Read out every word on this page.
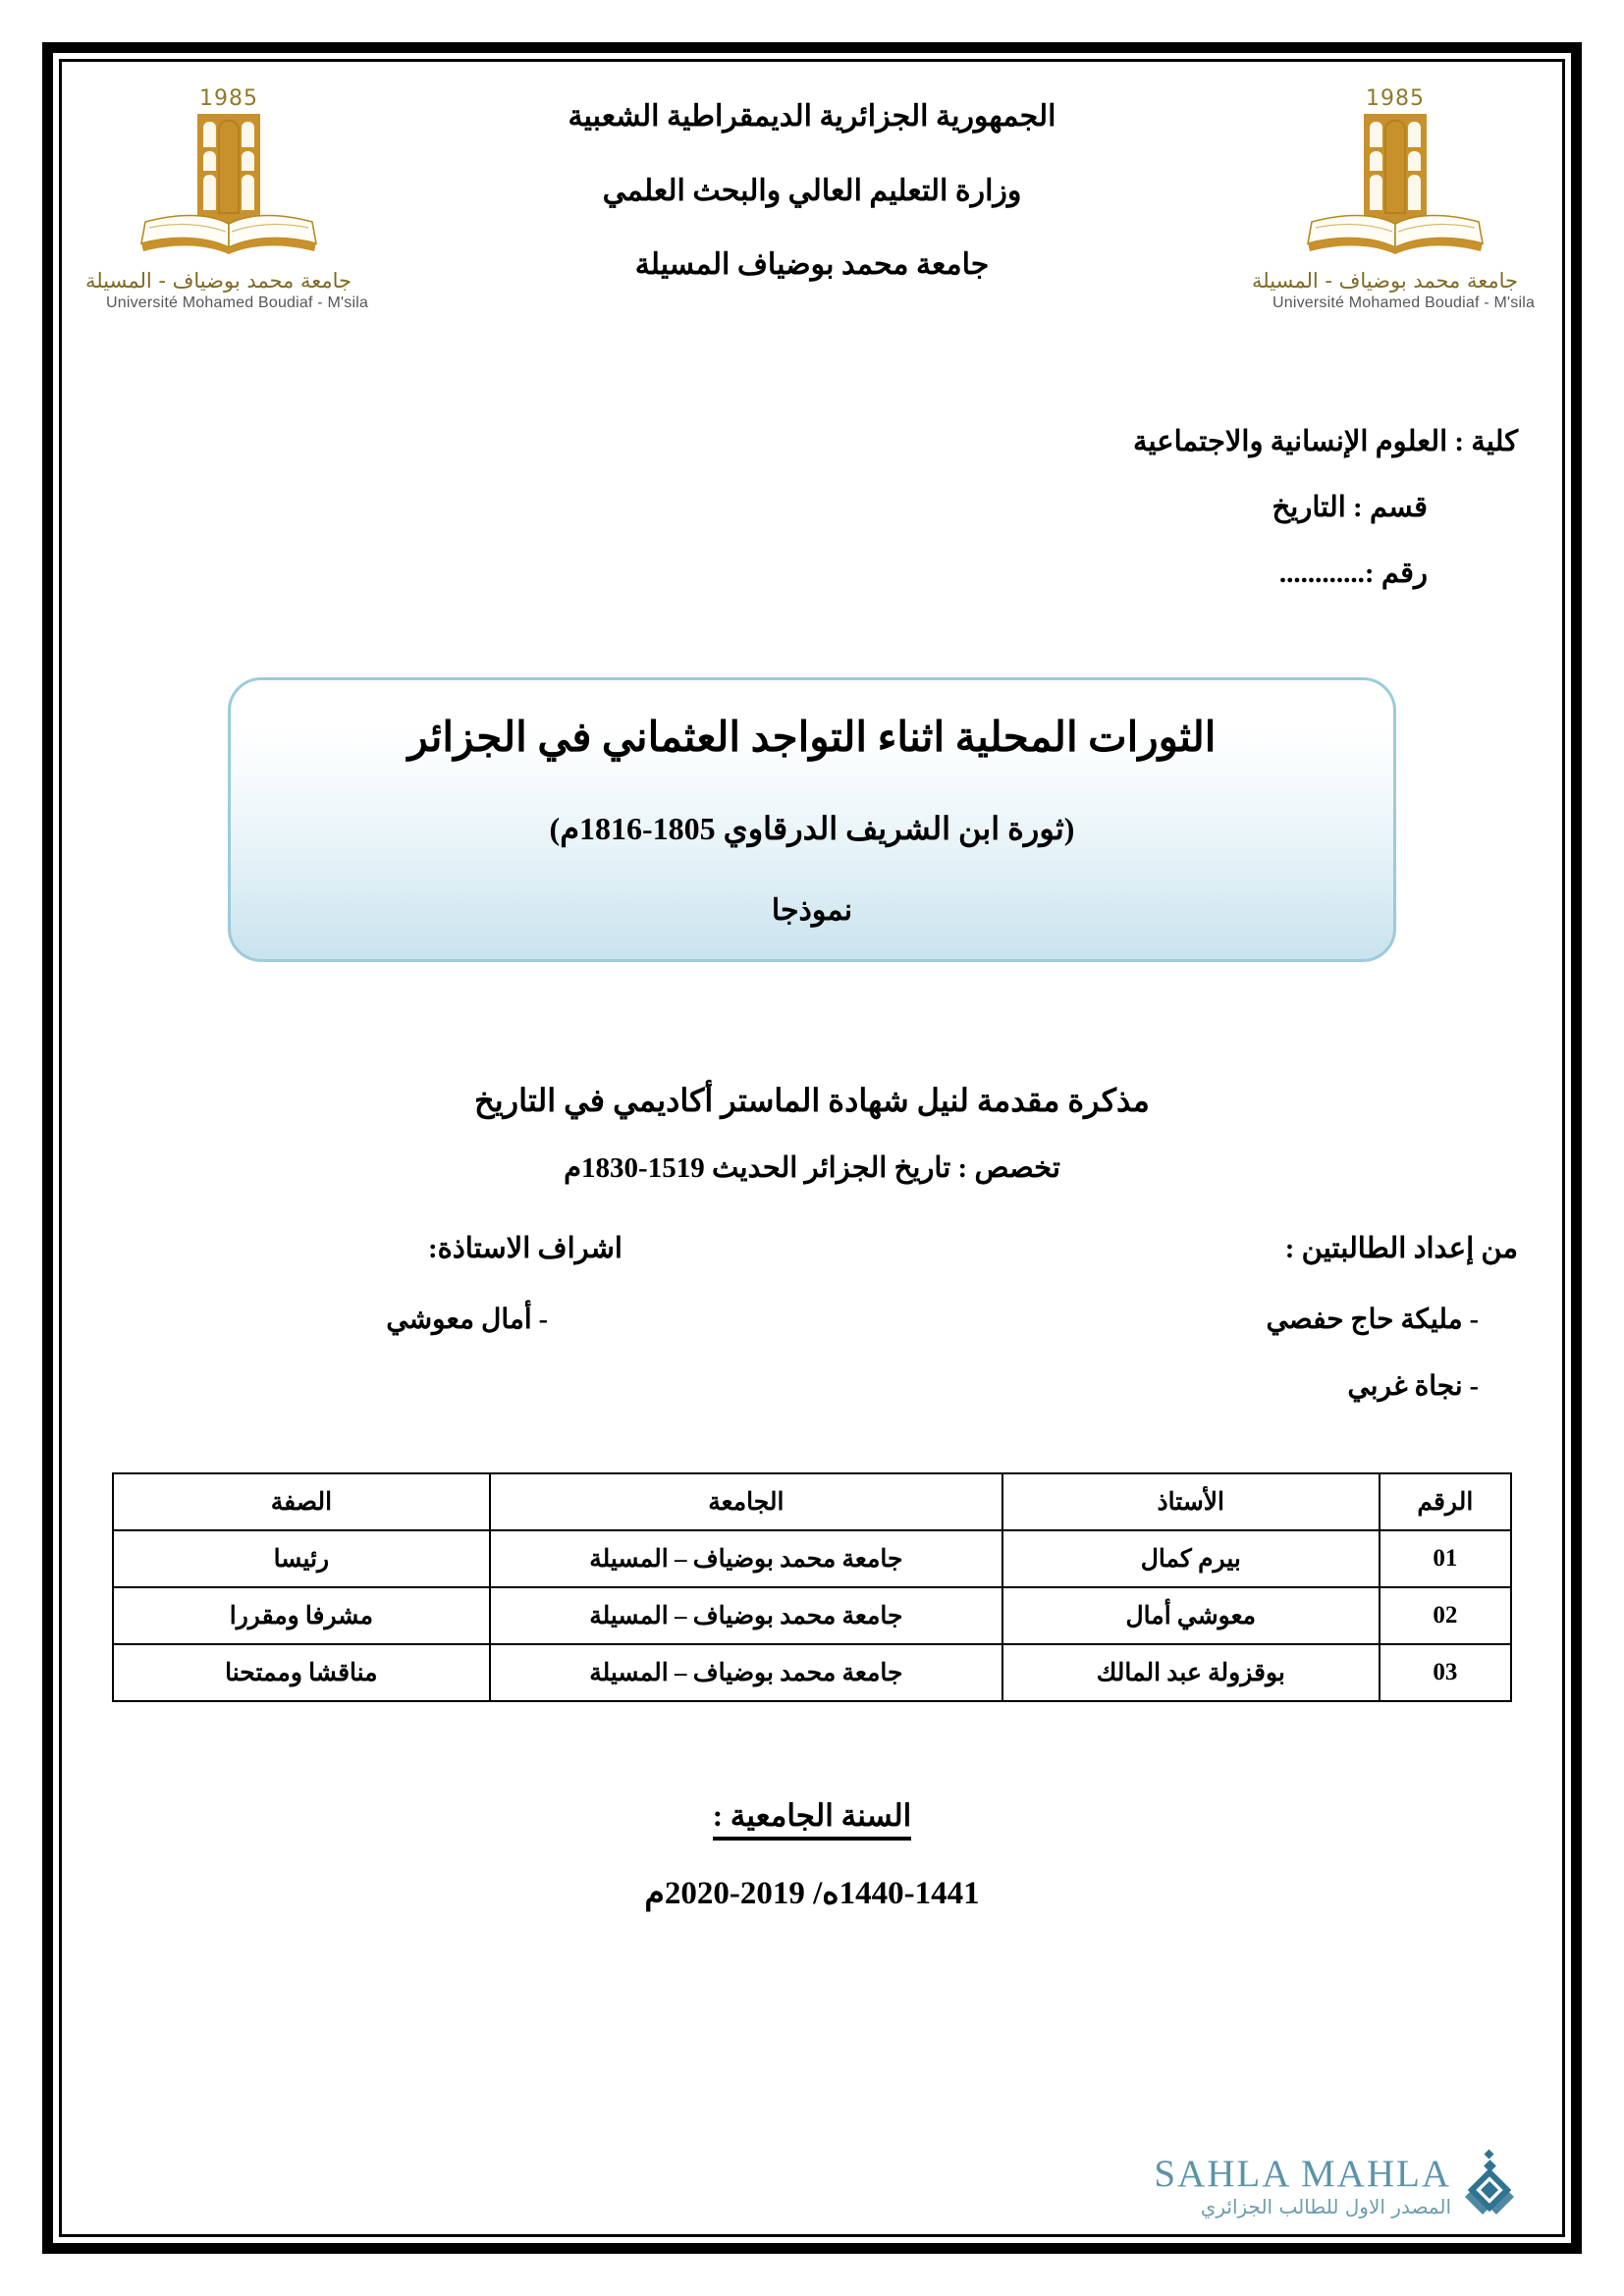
1985
جامعة محمد بوضياف - المسيلة
Université Mohamed Boudiaf - M'sila
1985
جامعة محمد بوضياف - المسيلة
Université Mohamed Boudiaf - M'sila
الجمهورية الجزائرية الديمقراطية الشعبية
وزارة التعليم العالي والبحث العلمي
جامعة محمد بوضياف المسيلة
كلية : العلوم الإنسانية والاجتماعية
قسم : التاريخ
رقم :............
الثورات المحلية اثناء التواجد العثماني في الجزائر
(ثورة ابن الشريف الدرقاوي 1805-1816م)
نموذجا
مذكرة مقدمة لنيل شهادة الماستر أكاديمي في التاريخ
تخصص : تاريخ الجزائر الحديث 1519-1830م
من إعداد الطالبتين :
- مليكة حاج حفصي
- نجاة غربي
اشراف الاستاذة:
- أمال معوشي
الرقم	الأستاذ	الجامعة	الصفة
01	بيرم كمال	جامعة محمد بوضياف – المسيلة	رئيسا
02	معوشي أمال	جامعة محمد بوضياف – المسيلة	مشرفا ومقررا
03	بوقزولة عبد المالك	جامعة محمد بوضياف – المسيلة	مناقشا وممتحنا
السنة الجامعية :
1440-1441ه/ 2019-2020م
SAHLA MAHLA
المصدر الاول للطالب الجزائري
